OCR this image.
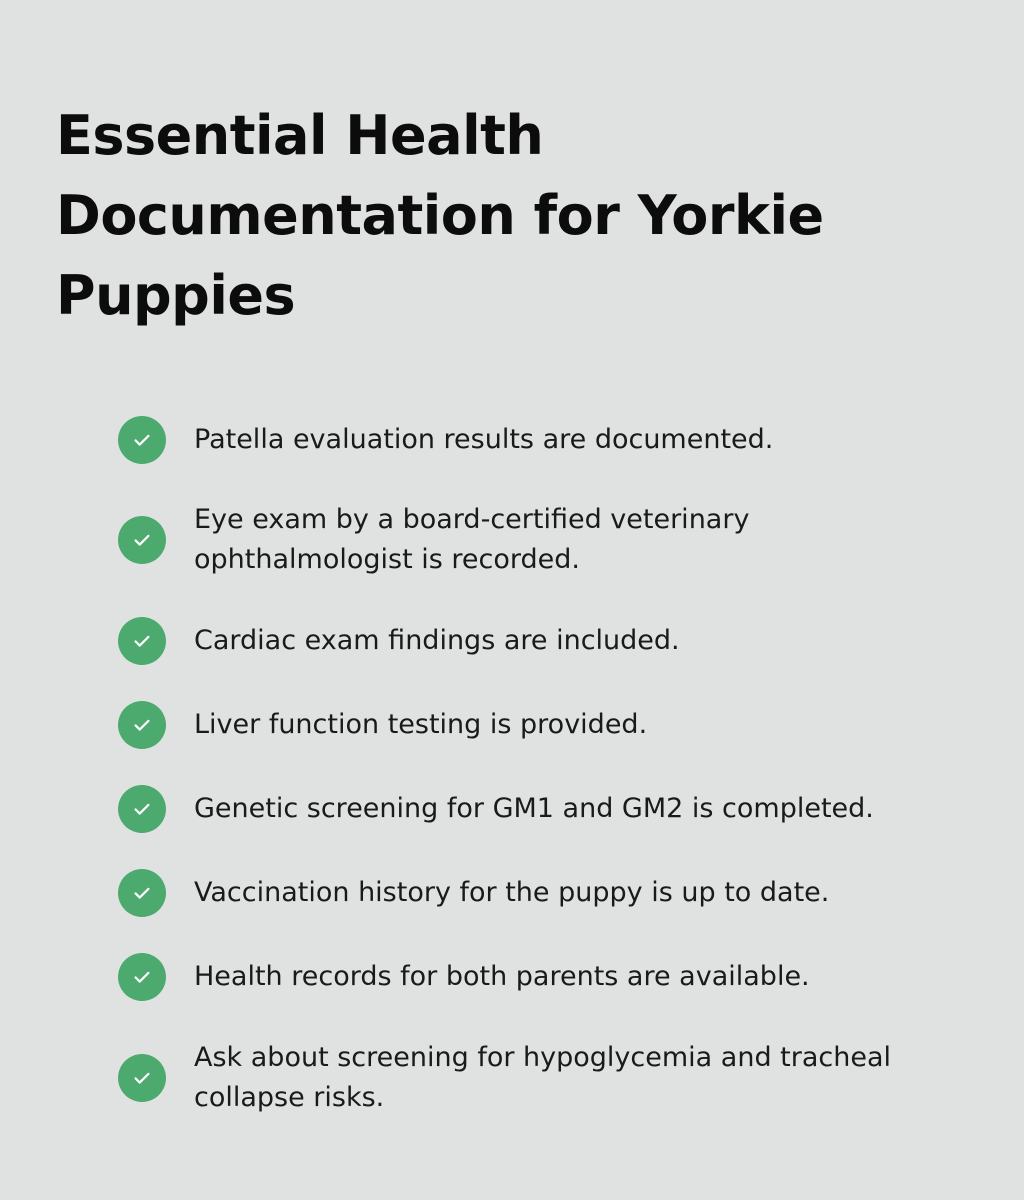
Essential Health Documentation for Yorkie Puppies
Patella evaluation results are documented.
Eye exam by a board-certified veterinary ophthalmologist is recorded.
Cardiac exam findings are included.
Liver function testing is provided.
Genetic screening for GM1 and GM2 is completed.
Vaccination history for the puppy is up to date.
Health records for both parents are available.
Ask about screening for hypoglycemia and tracheal collapse risks.
